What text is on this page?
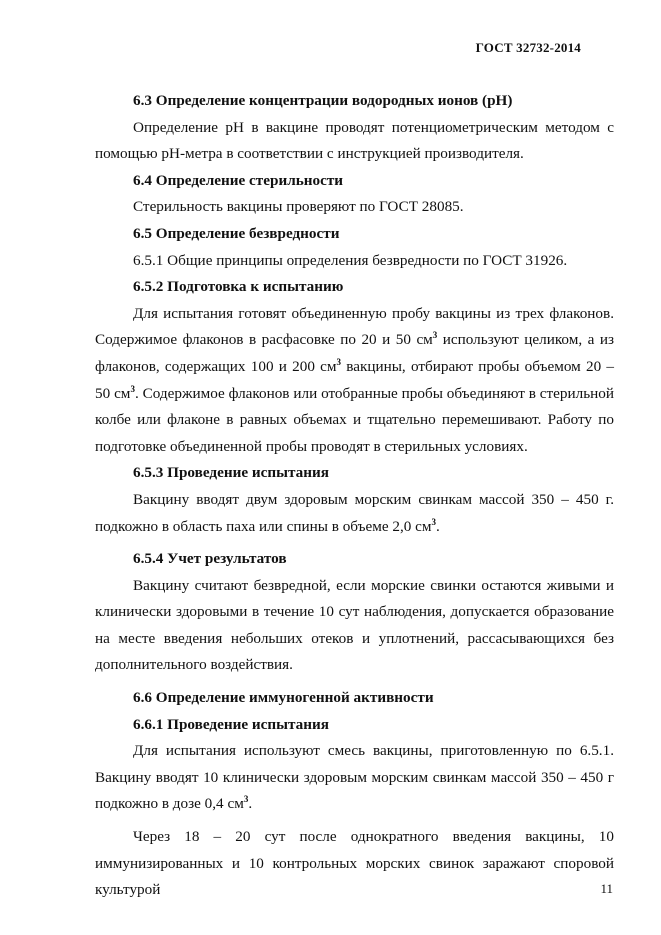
ГОСТ 32732-2014

6.3 Определение концентрации водородных ионов (рН)

Определение рН в вакцине проводят потенциометрическим методом с помощью рН-метра в соответствии с инструкцией производителя.

6.4 Определение стерильности

Стерильность вакцины проверяют по ГОСТ 28085.

6.5 Определение безвредности

6.5.1 Общие принципы определения безвредности по ГОСТ 31926.

6.5.2 Подготовка к испытанию

Для испытания готовят объединенную пробу вакцины из трех флаконов. Содержимое флаконов в расфасовке по 20 и 50 $см^3$ используют целиком, а из флаконов, содержащих 100 и 200 $см^3$ вакцины, отбирают пробы объемом 20 – 50 $см^3$. Содержимое флаконов или отобранные пробы объединяют в стерильной колбе или флаконе в равных объемах и тщательно перемешивают. Работу по подготовке объединенной пробы проводят в стерильных условиях.

6.5.3 Проведение испытания

Вакцину вводят двум здоровым морским свинкам массой 350 – 450 г. подкожно в область паха или спины в объеме 2,0 $см^3$.

6.5.4 Учет результатов

Вакцину считают безвредной, если морские свинки остаются живыми и клинически здоровыми в течение 10 сут наблюдения, допускается образование на месте введения небольших отеков и уплотнений, рассасывающихся без дополнительного воздействия.

6.6 Определение иммуногенной активности

6.6.1 Проведение испытания

Для испытания используют смесь вакцины, приготовленную по 6.5.1. Вакцину вводят 10 клинически здоровым морским свинкам массой 350 – 450 г подкожно в дозе 0,4 $см^3$.

Через 18 – 20 сут после однократного введения вакцины, 10 иммунизированных и 10 контрольных морских свинок заражают споровой культурой	11
